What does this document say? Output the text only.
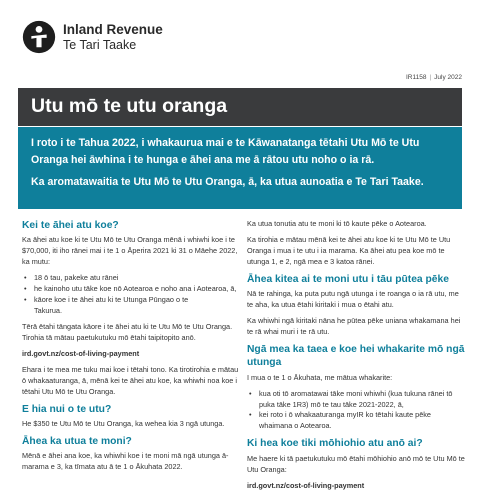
Inland Revenue
Te Tari Taake
IR1158 | July 2022
Utu mō te utu oranga

I roto i te Tahua 2022, i whakaurua mai e te Kāwanatanga tētahi Utu Mō te Utu Oranga hei āwhina i te hunga e āhei ana me ā rātou utu noho o ia rā.

Ka aromatawaitia te Utu Mō te Utu Oranga, ā, ka utua aunoatia e Te Tari Taake.

Kei te āhei atu koe?

Ka āhei atu koe ki te Utu Mō te Utu Oranga mēnā i whiwhi koe i te $70,000, iti iho rānei mai i te 1 o Āperira 2021 ki 31 o Māehe 2022, ka mutu:

• 18 ō tau, pakeke atu rānei
• he kainoho utu tāke koe nō Aotearoa e noho ana i Aotearoa, ā,
• kāore koe i te āhei atu ki te Utunga Pūngao o te
Takurua.

Tērā ētahi tāngata kāore i te āhei atu ki te Utu Mō te Utu Oranga. Tirohia tā mātau paetukutuku mō ētahi taipitopito anō.

ird.govt.nz/cost-of-living-payment

Ehara i te mea me tuku mai koe i tētahi tono. Ka tirotirohia e mātau ō whakaaturanga, ā, mēnā kei te āhei atu koe, ka whiwhi noa koe i tētahi Utu Mō te Utu Oranga.

E hia nui o te utu?

He $350 te Utu Mō te Utu Oranga, ka wehea kia 3 ngā utunga.

Āhea ka utua te moni?

Mēnā e āhei ana koe, ka whiwhi koe i te moni mā ngā utunga ā-marama e 3, ka tīmata atu ā te 1 o Ākuhata 2022.

Ka utua tonutia atu te moni ki tō kaute pēke o Aotearoa.

Ka tirohia e mātau mēnā kei te āhei atu koe ki te Utu Mō te Utu Oranga i mua i te utu i ia marama. Ka āhei atu pea koe mō te utunga 1, e 2, ngā mea e 3 katoa rānei.

Āhea kitea ai te moni utu i tāu pūtea pēke

Nā te rahinga, ka puta putu ngā utunga i te roanga o ia rā utu, me te aha, ka utua ētahi kiritaki i mua o ētahi atu.

Ka whiwhi ngā kiritaki nāna he pūtea pēke uniana whakamana hei te rā whai muri i te rā utu.

Ngā mea ka taea e koe hei whakarite mō ngā utunga

I mua o te 1 o Ākuhata, me mātua whakarite:

• kua oti tō aromatawai tāke moni whiwhi (kua tukuna rānei tō puka tāke 1R3) mō te tau tāke 2021-2022, ā,
• kei roto i ō whakaaturanga myIR ko tētahi kaute pēke whaimana o Aotearoa.
Ki hea koe tiki mōhiohio atu anō ai?

Me haere ki tā paetukutuku mō ētahi mōhiohio anō mō te Utu Mō te Utu Oranga:

ird.govt.nz/cost-of-living-payment
